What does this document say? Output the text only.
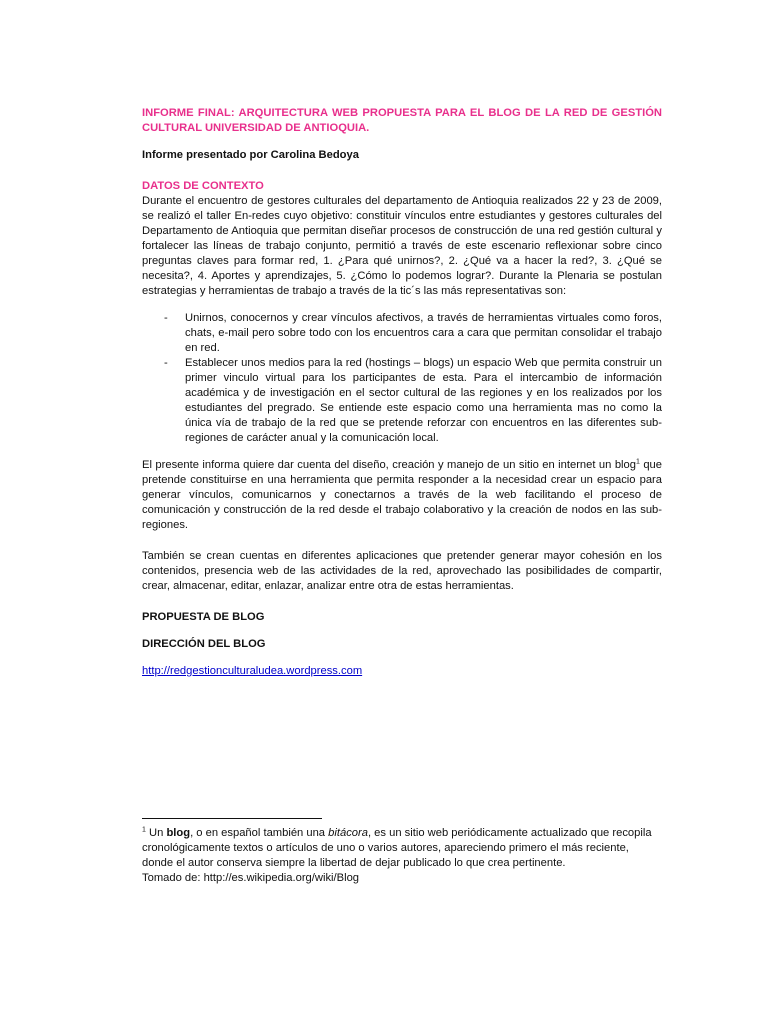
INFORME FINAL: ARQUITECTURA WEB PROPUESTA PARA EL BLOG DE LA RED DE GESTIÓN CULTURAL UNIVERSIDAD DE ANTIOQUIA.

Informe presentado por Carolina Bedoya

DATOS DE CONTEXTO

Durante el encuentro de gestores culturales del departamento de Antioquia realizados 22 y 23 de 2009, se realizó el taller En-redes cuyo objetivo: constituir vínculos entre estudiantes y gestores culturales del Departamento de Antioquia que permitan diseñar procesos de construcción de una red gestión cultural y fortalecer las líneas de trabajo conjunto, permitió a través de este escenario reflexionar sobre cinco preguntas claves para formar red, 1. ¿Para qué unirnos?, 2. ¿Qué va a hacer la red?, 3. ¿Qué se necesita?, 4. Aportes y aprendizajes, 5. ¿Cómo lo podemos lograr?. Durante la Plenaria se postulan estrategias y herramientas de trabajo a través de la tic´s las más representativas son:

- Unirnos, conocernos y crear vínculos afectivos, a través de herramientas virtuales como foros, chats, e-mail pero sobre todo con los encuentros cara a cara que permitan consolidar el trabajo en red.
- Establecer unos medios para la red (hostings – blogs) un espacio Web que permita construir un primer vinculo virtual para los participantes de esta. Para el intercambio de información académica y de investigación en el sector cultural de las regiones y en los realizados por los estudiantes del pregrado. Se entiende este espacio como una herramienta mas no como la única vía de trabajo de la red que se pretende reforzar con encuentros en las diferentes sub-regiones de carácter anual y la comunicación local.

El presente informa quiere dar cuenta del diseño, creación y manejo de un sitio en internet un blog$^1$ que pretende constituirse en una herramienta que permita responder a la necesidad crear un espacio para generar vínculos, comunicarnos y conectarnos a través de la web facilitando el proceso de comunicación y construcción de la red desde el trabajo colaborativo y la creación de nodos en las sub-regiones.

También se crean cuentas en diferentes aplicaciones que pretender generar mayor cohesión en los contenidos, presencia web de las actividades de la red, aprovechado las posibilidades de compartir, crear, almacenar, editar, enlazar, analizar entre otra de estas herramientas.

PROPUESTA DE BLOG

DIRECCIÓN DEL BLOG

http://redgestionculturaludea.wordpress.com

$^1$ Un blog, o en español también una bitácora, es un sitio web periódicamente actualizado que recopila cronológicamente textos o artículos de uno o varios autores, apareciendo primero el más reciente, donde el autor conserva siempre la libertad de dejar publicado lo que crea pertinente.
Tomado de: http://es.wikipedia.org/wiki/Blog
